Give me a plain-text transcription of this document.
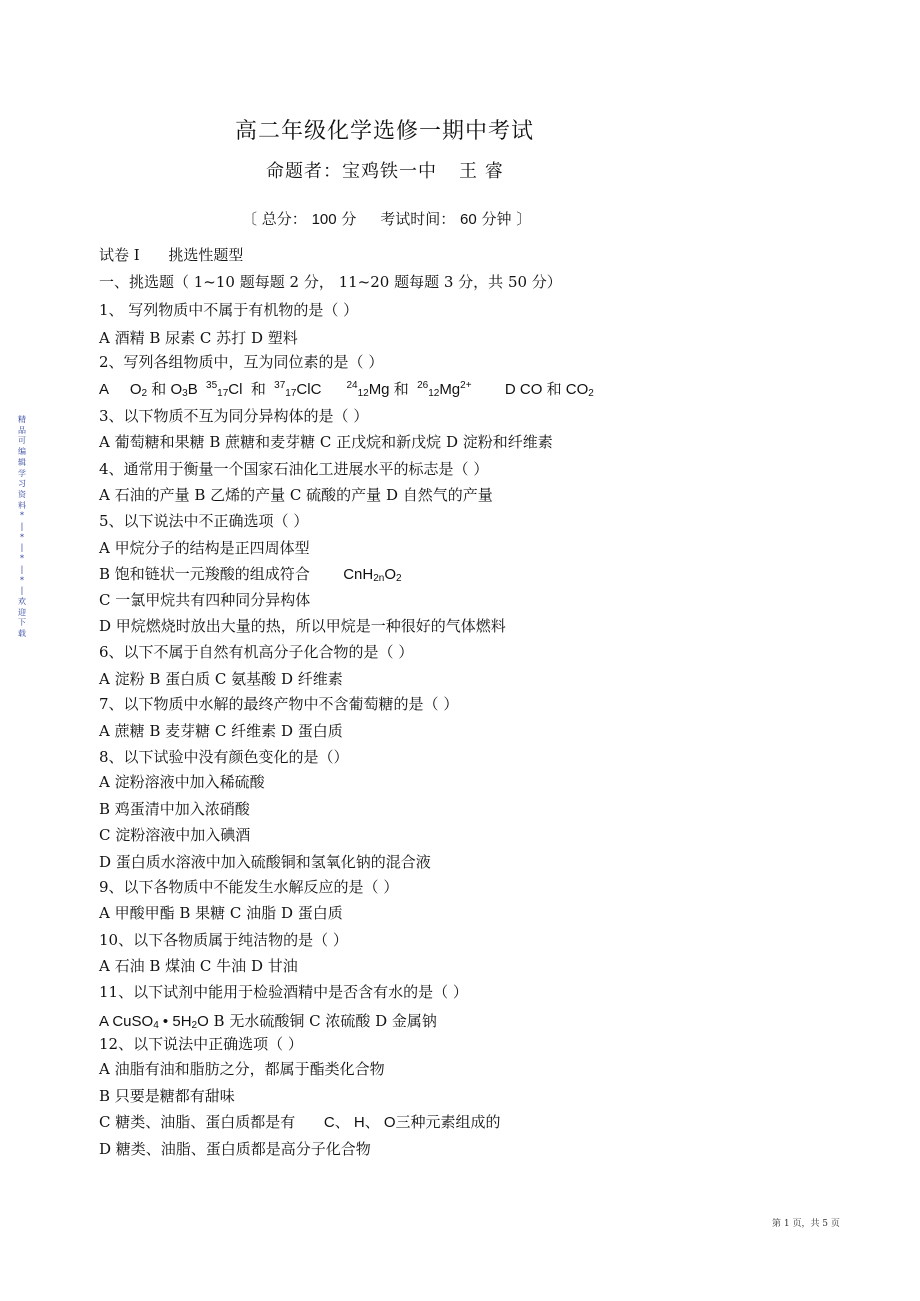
高二年级化学选修一期中考试
命题者：宝鸡铁一中 王 睿
〔 总分： 100 分 考试时间： 60 分钟 〕
试卷 I 挑选性题型
一、挑选题（ 1~10 题每题 2 分， 11~20 题每题 3 分，共 50 分）
1、 写列物质中不属于有机物的是（ ）
A 酒精 B 尿素 C 苏打 D 塑料
2、写列各组物质中，互为同位素的是（ ）
A $O_2$ 和 $O_3B$ $^{35}_{17}$Cl 和 $^{37}_{17}$ClC	$^{24}_{12}$Mg 和 $^{26}_{12}Mg^{2+}$ D CO 和 $CO_2$
3、以下物质不互为同分异构体的是（ ）
A 葡萄糖和果糖 B 蔗糖和麦芽糖 C 正戊烷和新戊烷 D 淀粉和纤维素
4、通常用于衡量一个国家石油化工进展水平的标志是（ ）
A 石油的产量 B 乙烯的产量 C 硫酸的产量 D 自然气的产量
5、以下说法中不正确选项（ ）
A 甲烷分子的结构是正四周体型
B 饱和链状一元羧酸的组成符合 $CnH_{2n}O_2$
C 一氯甲烷共有四种同分异构体
D 甲烷燃烧时放出大量的热，所以甲烷是一种很好的气体燃料
6、以下不属于自然有机高分子化合物的是（ ）
A 淀粉 B 蛋白质 C 氨基酸 D 纤维素
7、以下物质中水解的最终产物中不含葡萄糖的是（ ）
A 蔗糖 B 麦芽糖 C 纤维素 D 蛋白质
8、以下试验中没有颜色变化的是（）
A 淀粉溶液中加入稀硫酸
B 鸡蛋清中加入浓硝酸
C 淀粉溶液中加入碘酒
D 蛋白质水溶液中加入硫酸铜和氢氧化钠的混合液
9、以下各物质中不能发生水解反应的是（ ）
A 甲酸甲酯 B 果糖 C 油脂 D 蛋白质
10、以下各物质属于纯洁物的是（ ）
A 石油 B 煤油 C 牛油 D 甘油
11、以下试剂中能用于检验酒精中是否含有水的是（ ）
A CuSO$_4$ • $5H_2O$ B 无水硫酸铜 C 浓硫酸 D 金属钠
12、以下说法中正确选项（ ）
A 油脂有油和脂肪之分，都属于酯类化合物
B 只要是糖都有甜味
C 糖类、油脂、蛋白质都是有 C、 H、 O三种元素组成的
D 糖类、油脂、蛋白质都是高分子化合物
精
品
可
编
辑
学
习
资
料
*
|
*
|
*
|
*
|
欢
迎
下
载
第 1 页，共 5 页
